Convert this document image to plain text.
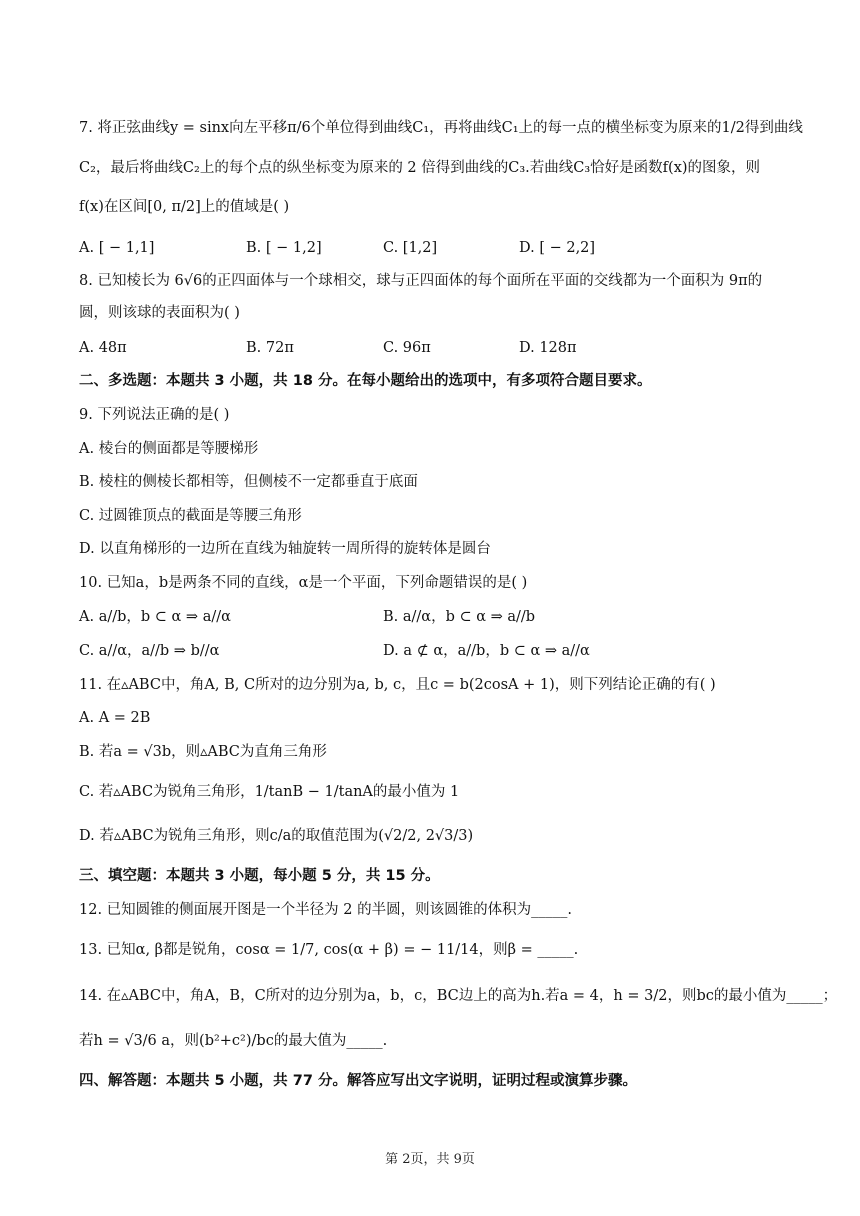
7. 将正弦曲线y = sinx向左平移π/6个单位得到曲线C₁，再将曲线C₁上的每一点的横坐标变为原来的1/2得到曲线
C₂，最后将曲线C₂上的每个点的纵坐标变为原来的 2 倍得到曲线的C₃.若曲线C₃恰好是函数f(x)的图象，则
f(x)在区间[0, π/2]上的值域是( )
A. [ − 1,1]	B. [ − 1,2]	C. [1,2]	D. [ − 2,2]
8. 已知棱长为 6√6的正四面体与一个球相交，球与正四面体的每个面所在平面的交线都为一个面积为 9π的
圆，则该球的表面积为( )
A. 48π	B. 72π	C. 96π	D. 128π
二、多选题：本题共 3 小题，共 18 分。在每小题给出的选项中，有多项符合题目要求。
9. 下列说法正确的是( )
A. 棱台的侧面都是等腰梯形
B. 棱柱的侧棱长都相等，但侧棱不一定都垂直于底面
C. 过圆锥顶点的截面是等腰三角形
D. 以直角梯形的一边所在直线为轴旋转一周所得的旋转体是圆台
10. 已知a，b是两条不同的直线，α是一个平面，下列命题错误的是( )
A. a//b，b ⊂ α ⇒ a//α	B. a//α，b ⊂ α ⇒ a//b
C. a//α，a//b ⇒ b//α	D. a ⊄ α，a//b，b ⊂ α ⇒ a//α
11. 在▵ABC中，角A, B, C所对的边分别为a, b, c，且c = b(2cosA + 1)，则下列结论正确的有( )
A. A = 2B
B. 若a = √3b，则▵ABC为直角三角形
C. 若▵ABC为锐角三角形，1/tanB − 1/tanA的最小值为 1
D. 若▵ABC为锐角三角形，则c/a的取值范围为(√2/2, 2√3/3)
三、填空题：本题共 3 小题，每小题 5 分，共 15 分。
12. 已知圆锥的侧面展开图是一个半径为 2 的半圆，则该圆锥的体积为_____.
13. 已知α, β都是锐角，cosα = 1/7, cos(α + β) = − 11/14，则β = _____.
14. 在▵ABC中，角A，B，C所对的边分别为a，b，c，BC边上的高为h.若a = 4，h = 3/2，则bc的最小值为_____；
若h = √3/6 a，则(b²+c²)/bc的最大值为_____.
四、解答题：本题共 5 小题，共 77 分。解答应写出文字说明，证明过程或演算步骤。
第 2页，共 9页
